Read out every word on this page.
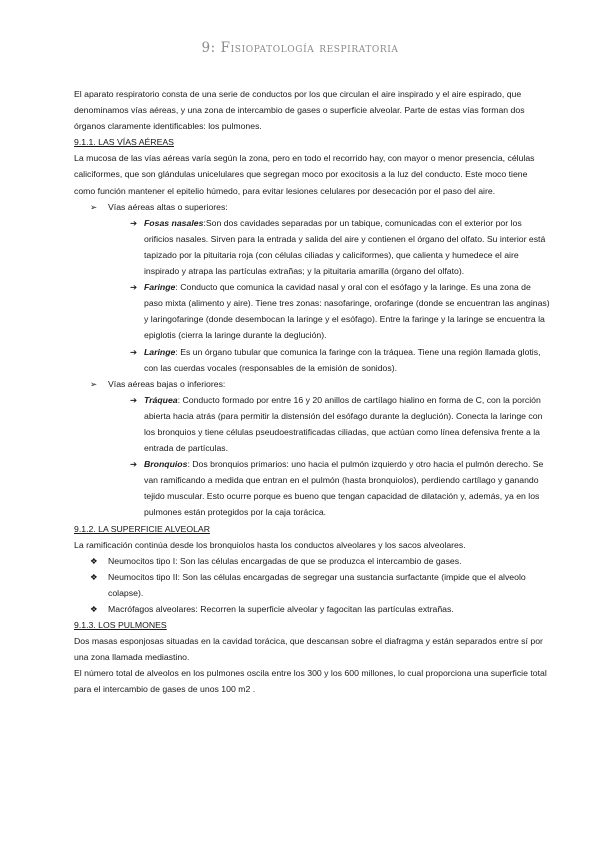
9: Fisiopatología respiratoria

El aparato respiratorio consta de una serie de conductos por los que circulan el aire inspirado y el aire espirado, que denominamos vías aéreas, y una zona de intercambio de gases o superficie alveolar. Parte de estas vías forman dos órganos claramente identificables: los pulmones.

9.1.1. LAS VÍAS AÉREAS

La mucosa de las vías aéreas varía según la zona, pero en todo el recorrido hay, con mayor o menor presencia, células caliciformes, que son glándulas unicelulares que segregan moco por exocitosis a la luz del conducto. Este moco tiene como función mantener el epitelio húmedo, para evitar lesiones celulares por desecación por el paso del aire.

➢ Vías aéreas altas o superiores:

➔ Fosas nasales:Son dos cavidades separadas por un tabique, comunicadas con el exterior por los orificios nasales. Sirven para la entrada y salida del aire y contienen el órgano del olfato. Su interior está tapizado por la pituitaria roja (con células ciliadas y caliciformes), que calienta y humedece el aire inspirado y atrapa las partículas extrañas; y la pituitaria amarilla (órgano del olfato).

➔ Faringe: Conducto que comunica la cavidad nasal y oral con el esófago y la laringe. Es una zona de paso mixta (alimento y aire). Tiene tres zonas: nasofaringe, orofaringe (donde se encuentran las anginas) y laringofaringe (donde desembocan la laringe y el esófago). Entre la faringe y la laringe se encuentra la epiglotis (cierra la laringe durante la deglución).

➔ Laringe: Es un órgano tubular que comunica la faringe con la tráquea. Tiene una región llamada glotis, con las cuerdas vocales (responsables de la emisión de sonidos).

➢ Vías aéreas bajas o inferiores:

➔ Tráquea: Conducto formado por entre 16 y 20 anillos de cartílago hialino en forma de C, con la porción abierta hacia atrás (para permitir la distensión del esófago durante la deglución). Conecta la laringe con los bronquios y tiene células pseudoestratificadas ciliadas, que actúan como línea defensiva frente a la entrada de partículas.

➔ Bronquios: Dos bronquios primarios: uno hacia el pulmón izquierdo y otro hacia el pulmón derecho. Se van ramificando a medida que entran en el pulmón (hasta bronquiolos), perdiendo cartílago y ganando tejido muscular. Esto ocurre porque es bueno que tengan capacidad de dilatación y, además, ya en los pulmones están protegidos por la caja torácica.

9.1.2. LA SUPERFICIE ALVEOLAR

La ramificación continúa desde los bronquiolos hasta los conductos alveolares y los sacos alveolares.

❖ Neumocitos tipo I: Son las células encargadas de que se produzca el intercambio de gases.

❖ Neumocitos tipo II: Son las células encargadas de segregar una sustancia surfactante (impide que el alveolo colapse).

❖ Macrófagos alveolares: Recorren la superficie alveolar y fagocitan las partículas extrañas.

9.1.3. LOS PULMONES

Dos masas esponjosas situadas en la cavidad torácica, que descansan sobre el diafragma y están separados entre sí por una zona llamada mediastino.

El número total de alveolos en los pulmones oscila entre los 300 y los 600 millones, lo cual proporciona una superficie total para el intercambio de gases de unos 100 m2 .
